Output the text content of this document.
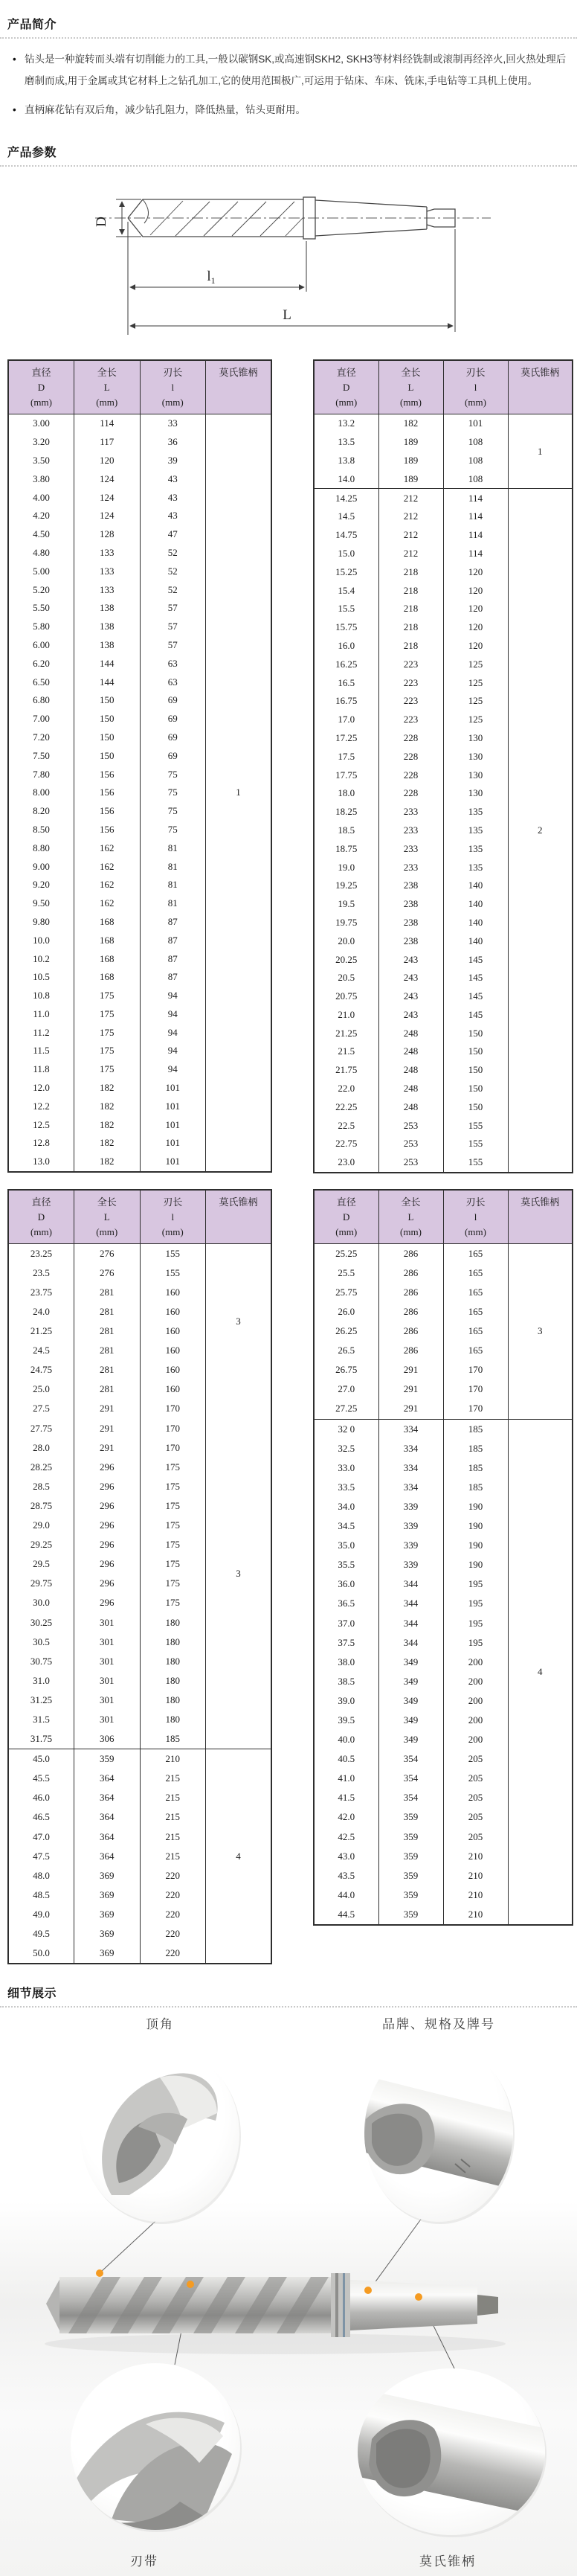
产品简介
• 钻头是一种旋转而头端有切削能力的工具,一般以碳钢SK,或高速钢SKH2, SKH3等材料经铣制或滚制再经淬火,回火热处理后磨制而成,用于金属或其它材料上之钻孔加工,它的使用范围极广,可运用于钻床、车床、铣床,手电钻等工具机上使用。
• 直柄麻花钻有双后角，减少钻孔阻力，降低热量，钻头更耐用。
产品参数
D
$l_1$
L
直径
D
(mm)	全长
L
(mm)	刃长
l
(mm)	莫氏锥柄
3.00	114	33	1
3.20	117	36	
3.50	120	39	
3.80	124	43	
4.00	124	43	
4.20	124	43	
4.50	128	47	
4.80	133	52	
5.00	133	52	
5.20	133	52	
5.50	138	57	
5.80	138	57	
6.00	138	57	
6.20	144	63	
6.50	144	63	
6.80	150	69	
7.00	150	69	
7.20	150	69	
7.50	150	69	
7.80	156	75	
8.00	156	75	
8.20	156	75	
8.50	156	75	
8.80	162	81	
9.00	162	81	
9.20	162	81	
9.50	162	81	
9.80	168	87	
10.0	168	87	
10.2	168	87	
10.5	168	87	
10.8	175	94	
11.0	175	94	
11.2	175	94	
11.5	175	94	
11.8	175	94	
12.0	182	101	
12.2	182	101	
12.5	182	101	
12.8	182	101	
13.0	182	101	
直径
D
(mm)	全长
L
(mm)	刃长
l
(mm)	莫氏锥柄
13.2	182	101	1
13.5	189	108	
13.8	189	108	
14.0	189	108	
14.25	212	114	2
14.5	212	114	
14.75	212	114	
15.0	212	114	
15.25	218	120	
15.4	218	120	
15.5	218	120	
15.75	218	120	
16.0	218	120	
16.25	223	125	
16.5	223	125	
16.75	223	125	
17.0	223	125	
17.25	228	130	
17.5	228	130	
17.75	228	130	
18.0	228	130	
18.25	233	135	
18.5	233	135	
18.75	233	135	
19.0	233	135	
19.25	238	140	
19.5	238	140	
19.75	238	140	
20.0	238	140	
20.25	243	145	
20.5	243	145	
20.75	243	145	
21.0	243	145	
21.25	248	150	
21.5	248	150	
21.75	248	150	
22.0	248	150	
22.25	248	150	
22.5	253	155	
22.75	253	155	
23.0	253	155	
直径
D
(mm)	全长
L
(mm)	刃长
l
(mm)	莫氏锥柄
23.25	276	155	3
23.5	276	155	
23.75	281	160	
24.0	281	160	
21.25	281	160	
24.5	281	160	
24.75	281	160	
25.0	281	160	
27.5	291	170	3
27.75	291	170	
28.0	291	170	
28.25	296	175	
28.5	296	175	
28.75	296	175	
29.0	296	175	
29.25	296	175	
29.5	296	175	
29.75	296	175	
30.0	296	175	
30.25	301	180	
30.5	301	180	
30.75	301	180	
31.0	301	180	
31.25	301	180	
31.5	301	180	
31.75	306	185	
45.0	359	210	4
45.5	364	215	
46.0	364	215	
46.5	364	215	
47.0	364	215	
47.5	364	215	
48.0	369	220	
48.5	369	220	
49.0	369	220	
49.5	369	220	
50.0	369	220	
直径
D
(mm)	全长
L
(mm)	刃长
l
(mm)	莫氏锥柄
25.25	286	165	3
25.5	286	165	
25.75	286	165	
26.0	286	165	
26.25	286	165	
26.5	286	165	
26.75	291	170	
27.0	291	170	
27.25	291	170	
32 0	334	185	4
32.5	334	185	
33.0	334	185	
33.5	334	185	
34.0	339	190	
34.5	339	190	
35.0	339	190	
35.5	339	190	
36.0	344	195	
36.5	344	195	
37.0	344	195	
37.5	344	195	
38.0	349	200	
38.5	349	200	
39.0	349	200	
39.5	349	200	
40.0	349	200	
40.5	354	205	
41.0	354	205	
41.5	354	205	
42.0	359	205	
42.5	359	205	
43.0	359	210	
43.5	359	210	
44.0	359	210	
44.5	359	210	
细节展示
顶角	品牌、规格及牌号
刃带	莫氏锥柄
